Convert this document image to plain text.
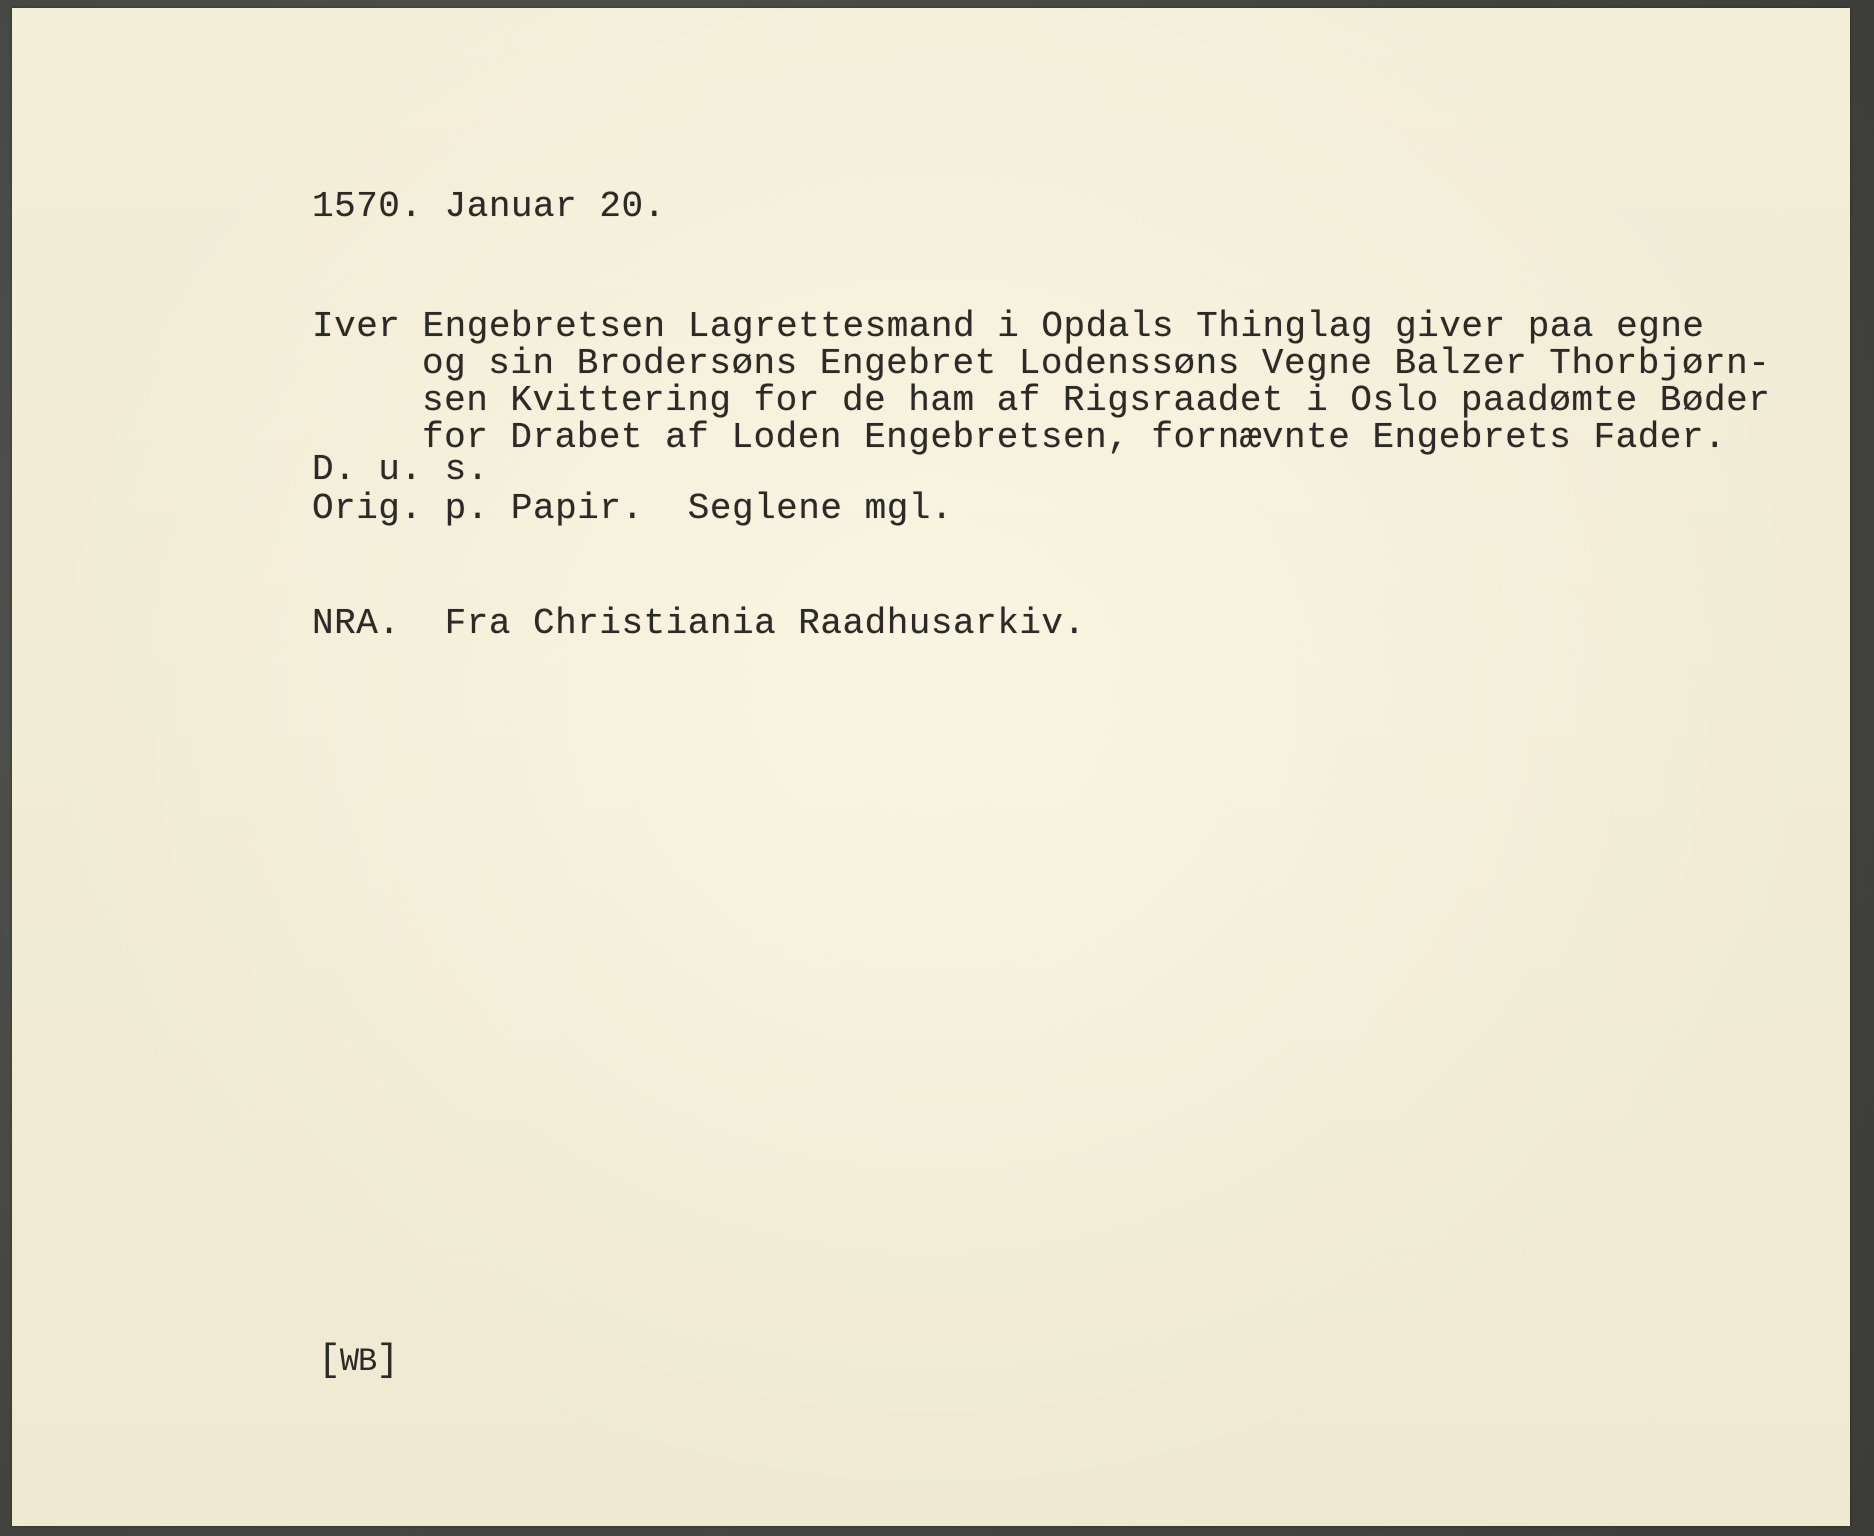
1570. Januar 20.

Iver Engebretsen Lagrettesmand i Opdals Thinglag giver paa egne
og sin Brodersøns Engebret Lodenssøns Vegne Balzer Thorbjørn-
sen Kvittering for de ham af Rigsraadet i Oslo paadømte Bøder
for Drabet af Loden Engebretsen, fornævnte Engebrets Fader.

D. u. s.

Orig. p. Papir.  Seglene mgl.

NRA.  Fra Christiania Raadhusarkiv.

[WB]
